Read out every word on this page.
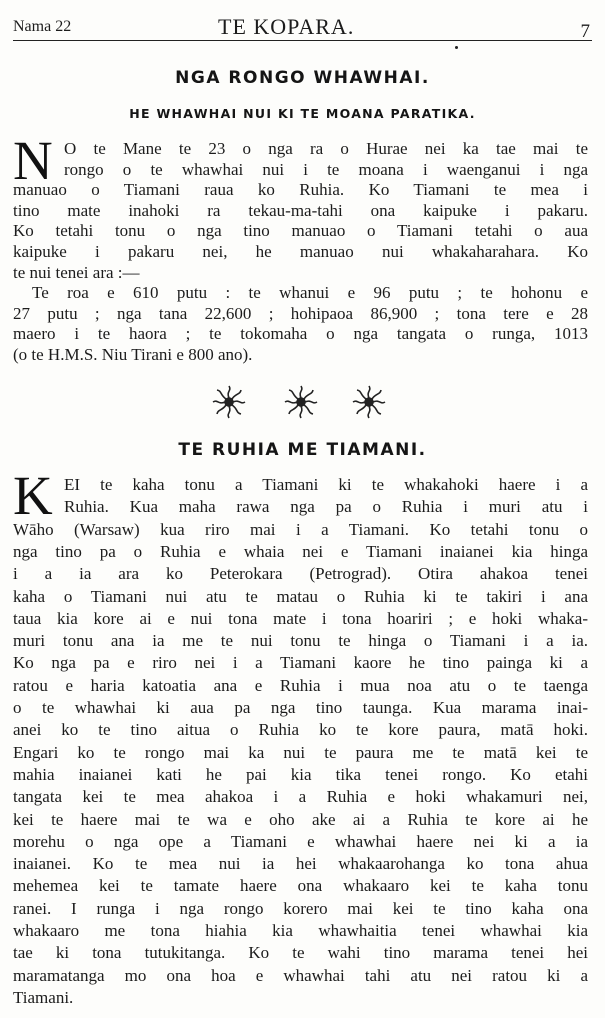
Nama 22	TE KOPARA.	7
NGA RONGO WHAWHAI.
HE WHAWHAI NUI KI TE MOANA PARATIKA.
N O te Mane te 23 o nga ra o Hurae nei ka tae mai te
rongo o te whawhai nui i te moana i waenganui i nga
manuao o Tiamani raua ko Ruhia. Ko Tiamani te mea i
tino mate inahoki ra tekau-ma-tahi ona kaipuke i pakaru.
Ko tetahi tonu o nga tino manuao o Tiamani tetahi o aua
kaipuke i pakaru nei, he manuao nui whakaharahara. Ko
te nui tenei ara :—
Te roa e 610 putu : te whanui e 96 putu ; te hohonu e
27 putu ; nga tana 22,600 ; hohipaoa 86,900 ; tona tere e 28
maero i te haora ; te tokomaha o nga tangata o runga, 1013
(o te H.M.S. Niu Tirani e 800 ano).
TE RUHIA ME TIAMANI.
K EI te kaha tonu a Tiamani ki te whakahoki haere i a
Ruhia. Kua maha rawa nga pa o Ruhia i muri atu i
Wāho (Warsaw) kua riro mai i a Tiamani. Ko tetahi tonu o
nga tino pa o Ruhia e whaia nei e Tiamani inaianei kia hinga
i a ia ara ko Peterokara (Petrograd). Otira ahakoa tenei
kaha o Tiamani nui atu te matau o Ruhia ki te takiri i ana
taua kia kore ai e nui tona mate i tona hoariri ; e hoki whaka-
muri tonu ana ia me te nui tonu te hinga o Tiamani i a ia.
Ko nga pa e riro nei i a Tiamani kaore he tino painga ki a
ratou e haria katoatia ana e Ruhia i mua noa atu o te taenga
o te whawhai ki aua pa nga tino taunga. Kua marama inai-
anei ko te tino aitua o Ruhia ko te kore paura, matā hoki.
Engari ko te rongo mai ka nui te paura me te matā kei te
mahia inaianei kati he pai kia tika tenei rongo. Ko etahi
tangata kei te mea ahakoa i a Ruhia e hoki whakamuri nei,
kei te haere mai te wa e oho ake ai a Ruhia te kore ai he
morehu o nga ope a Tiamani e whawhai haere nei ki a ia
inaianei. Ko te mea nui ia hei whakaarohanga ko tona ahua
mehemea kei te tamate haere ona whakaaro kei te kaha tonu
ranei. I runga i nga rongo korero mai kei te tino kaha ona
whakaaro me tona hiahia kia whawhaitia tenei whawhai kia
tae ki tona tutukitanga. Ko te wahi tino marama tenei hei
maramatanga mo ona hoa e whawhai tahi atu nei ratou ki a
Tiamani.
